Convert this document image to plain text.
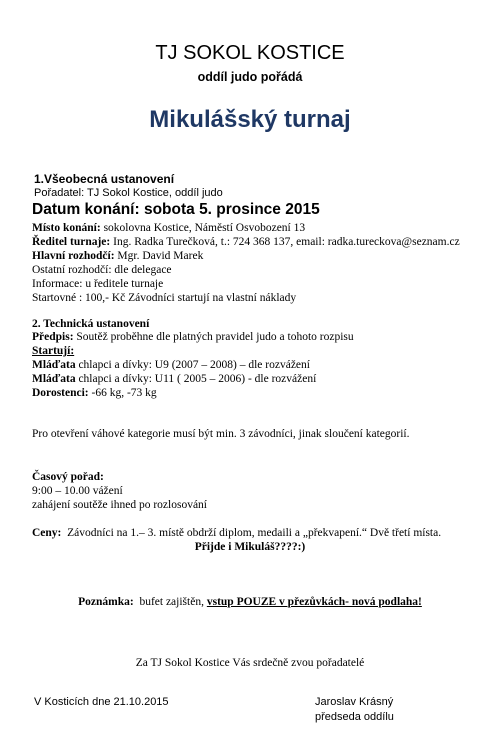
TJ SOKOL KOSTICE
oddíl judo pořádá
Mikulášský turnaj
1.Všeobecná ustanovení
Pořadatel: TJ Sokol Kostice, oddíl judo
Datum konání: sobota 5. prosince 2015
Místo konání: sokolovna Kostice, Náměstí Osvobození 13
Ředitel turnaje: Ing. Radka Turečková, t.: 724 368 137, email: radka.tureckova@seznam.cz
Hlavní rozhodčí: Mgr. David Marek
Ostatní rozhodčí: dle delegace
Informace: u ředitele turnaje
Startovné : 100,- Kč Závodníci startují na vlastní náklady
2. Technická ustanovení
Předpis: Soutěž proběhne dle platných pravidel judo a tohoto rozpisu
Startují:
Mláďata chlapci a dívky: U9 (2007 – 2008) – dle rozvážení
Mláďata chlapci a dívky: U11 ( 2005 – 2006) - dle rozvážení
Dorostenci: -66 kg, -73 kg
Pro otevření váhové kategorie musí být min. 3 závodníci, jinak sloučení kategorií.
Časový pořad:
9:00 – 10.00 vážení
zahájení soutěže ihned po rozlosování
Ceny: Závodníci na 1.– 3. místě obdrží diplom, medaili a „překvapení.“ Dvě třetí místa.
Přijde i Mikuláš????:)
Poznámka: bufet zajištěn, vstup POUZE v přezůvkách- nová podlaha!
Za TJ Sokol Kostice Vás srdečně zvou pořadatelé
V Kosticích dne 21.10.2015	Jaroslav Krásný
předseda oddílu
